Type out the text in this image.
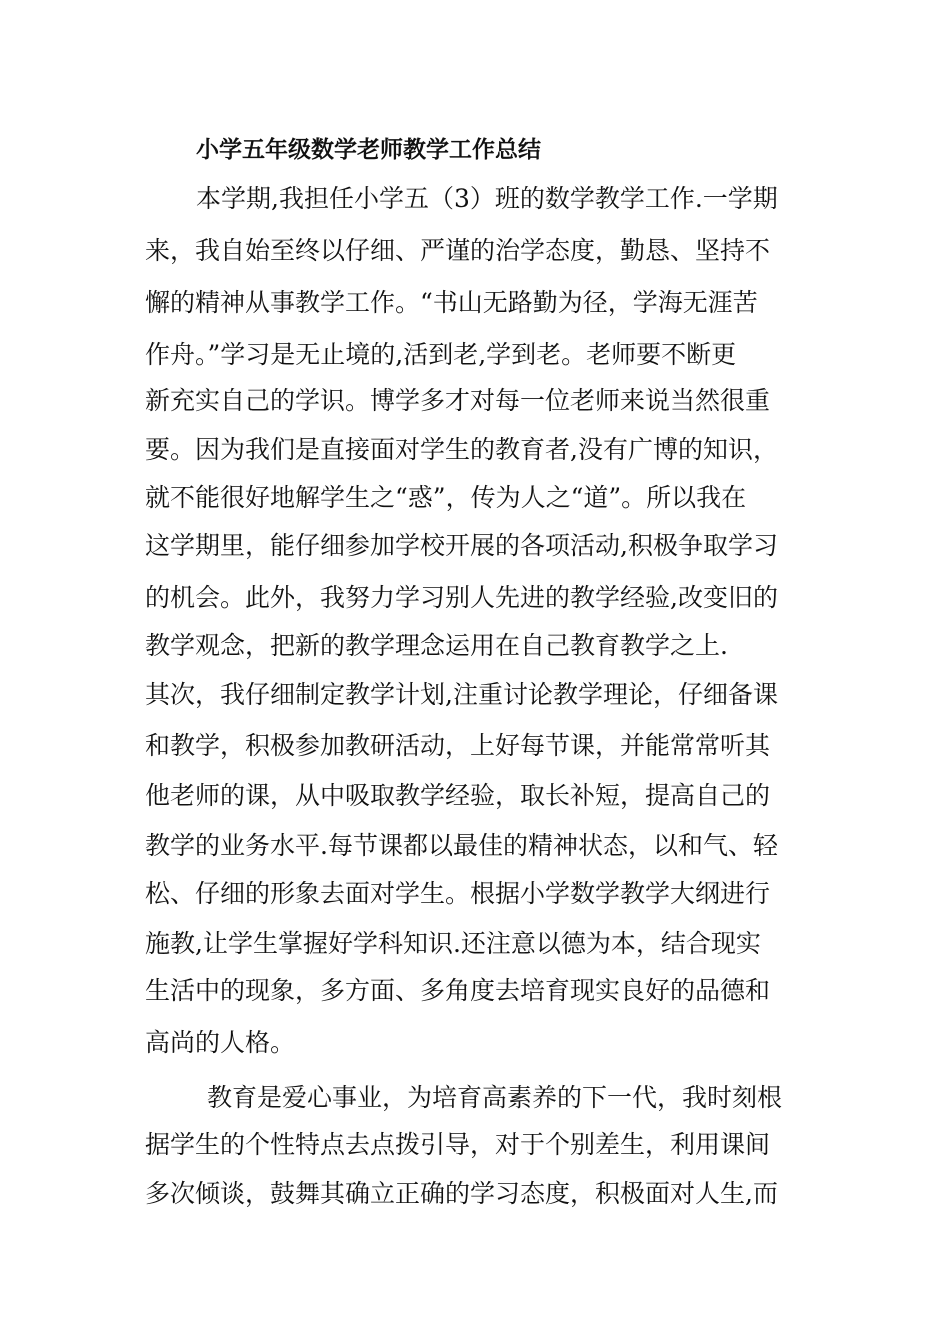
小学五年级数学老师教学工作总结
本学期,我担任小学五（3）班的数学教学工作.一学期
来，我自始至终以仔细、严谨的治学态度，勤恳、坚持不
懈的精神从事教学工作。“书山无路勤为径，学海无涯苦
作舟。”学习是无止境的,活到老,学到老。老师要不断更
新充实自己的学识。博学多才对每一位老师来说当然很重
要。因为我们是直接面对学生的教育者,没有广博的知识，
就不能很好地解学生之“惑”，传为人之“道”。所以我在
这学期里，能仔细参加学校开展的各项活动,积极争取学习
的机会。此外，我努力学习别人先进的教学经验,改变旧的
教学观念，把新的教学理念运用在自己教育教学之上.
其次，我仔细制定教学计划,注重讨论教学理论，仔细备课
和教学，积极参加教研活动，上好每节课，并能常常听其
他老师的课，从中吸取教学经验，取长补短，提高自己的
教学的业务水平.每节课都以最佳的精神状态，以和气、轻
松、仔细的形象去面对学生。根据小学数学教学大纲进行
施教,让学生掌握好学科知识.还注意以德为本，结合现实
生活中的现象，多方面、多角度去培育现实良好的品德和
高尚的人格。
教育是爱心事业，为培育高素养的下一代，我时刻根
据学生的个性特点去点拨引导，对于个别差生，利用课间
多次倾谈，鼓舞其确立正确的学习态度，积极面对人生,而
